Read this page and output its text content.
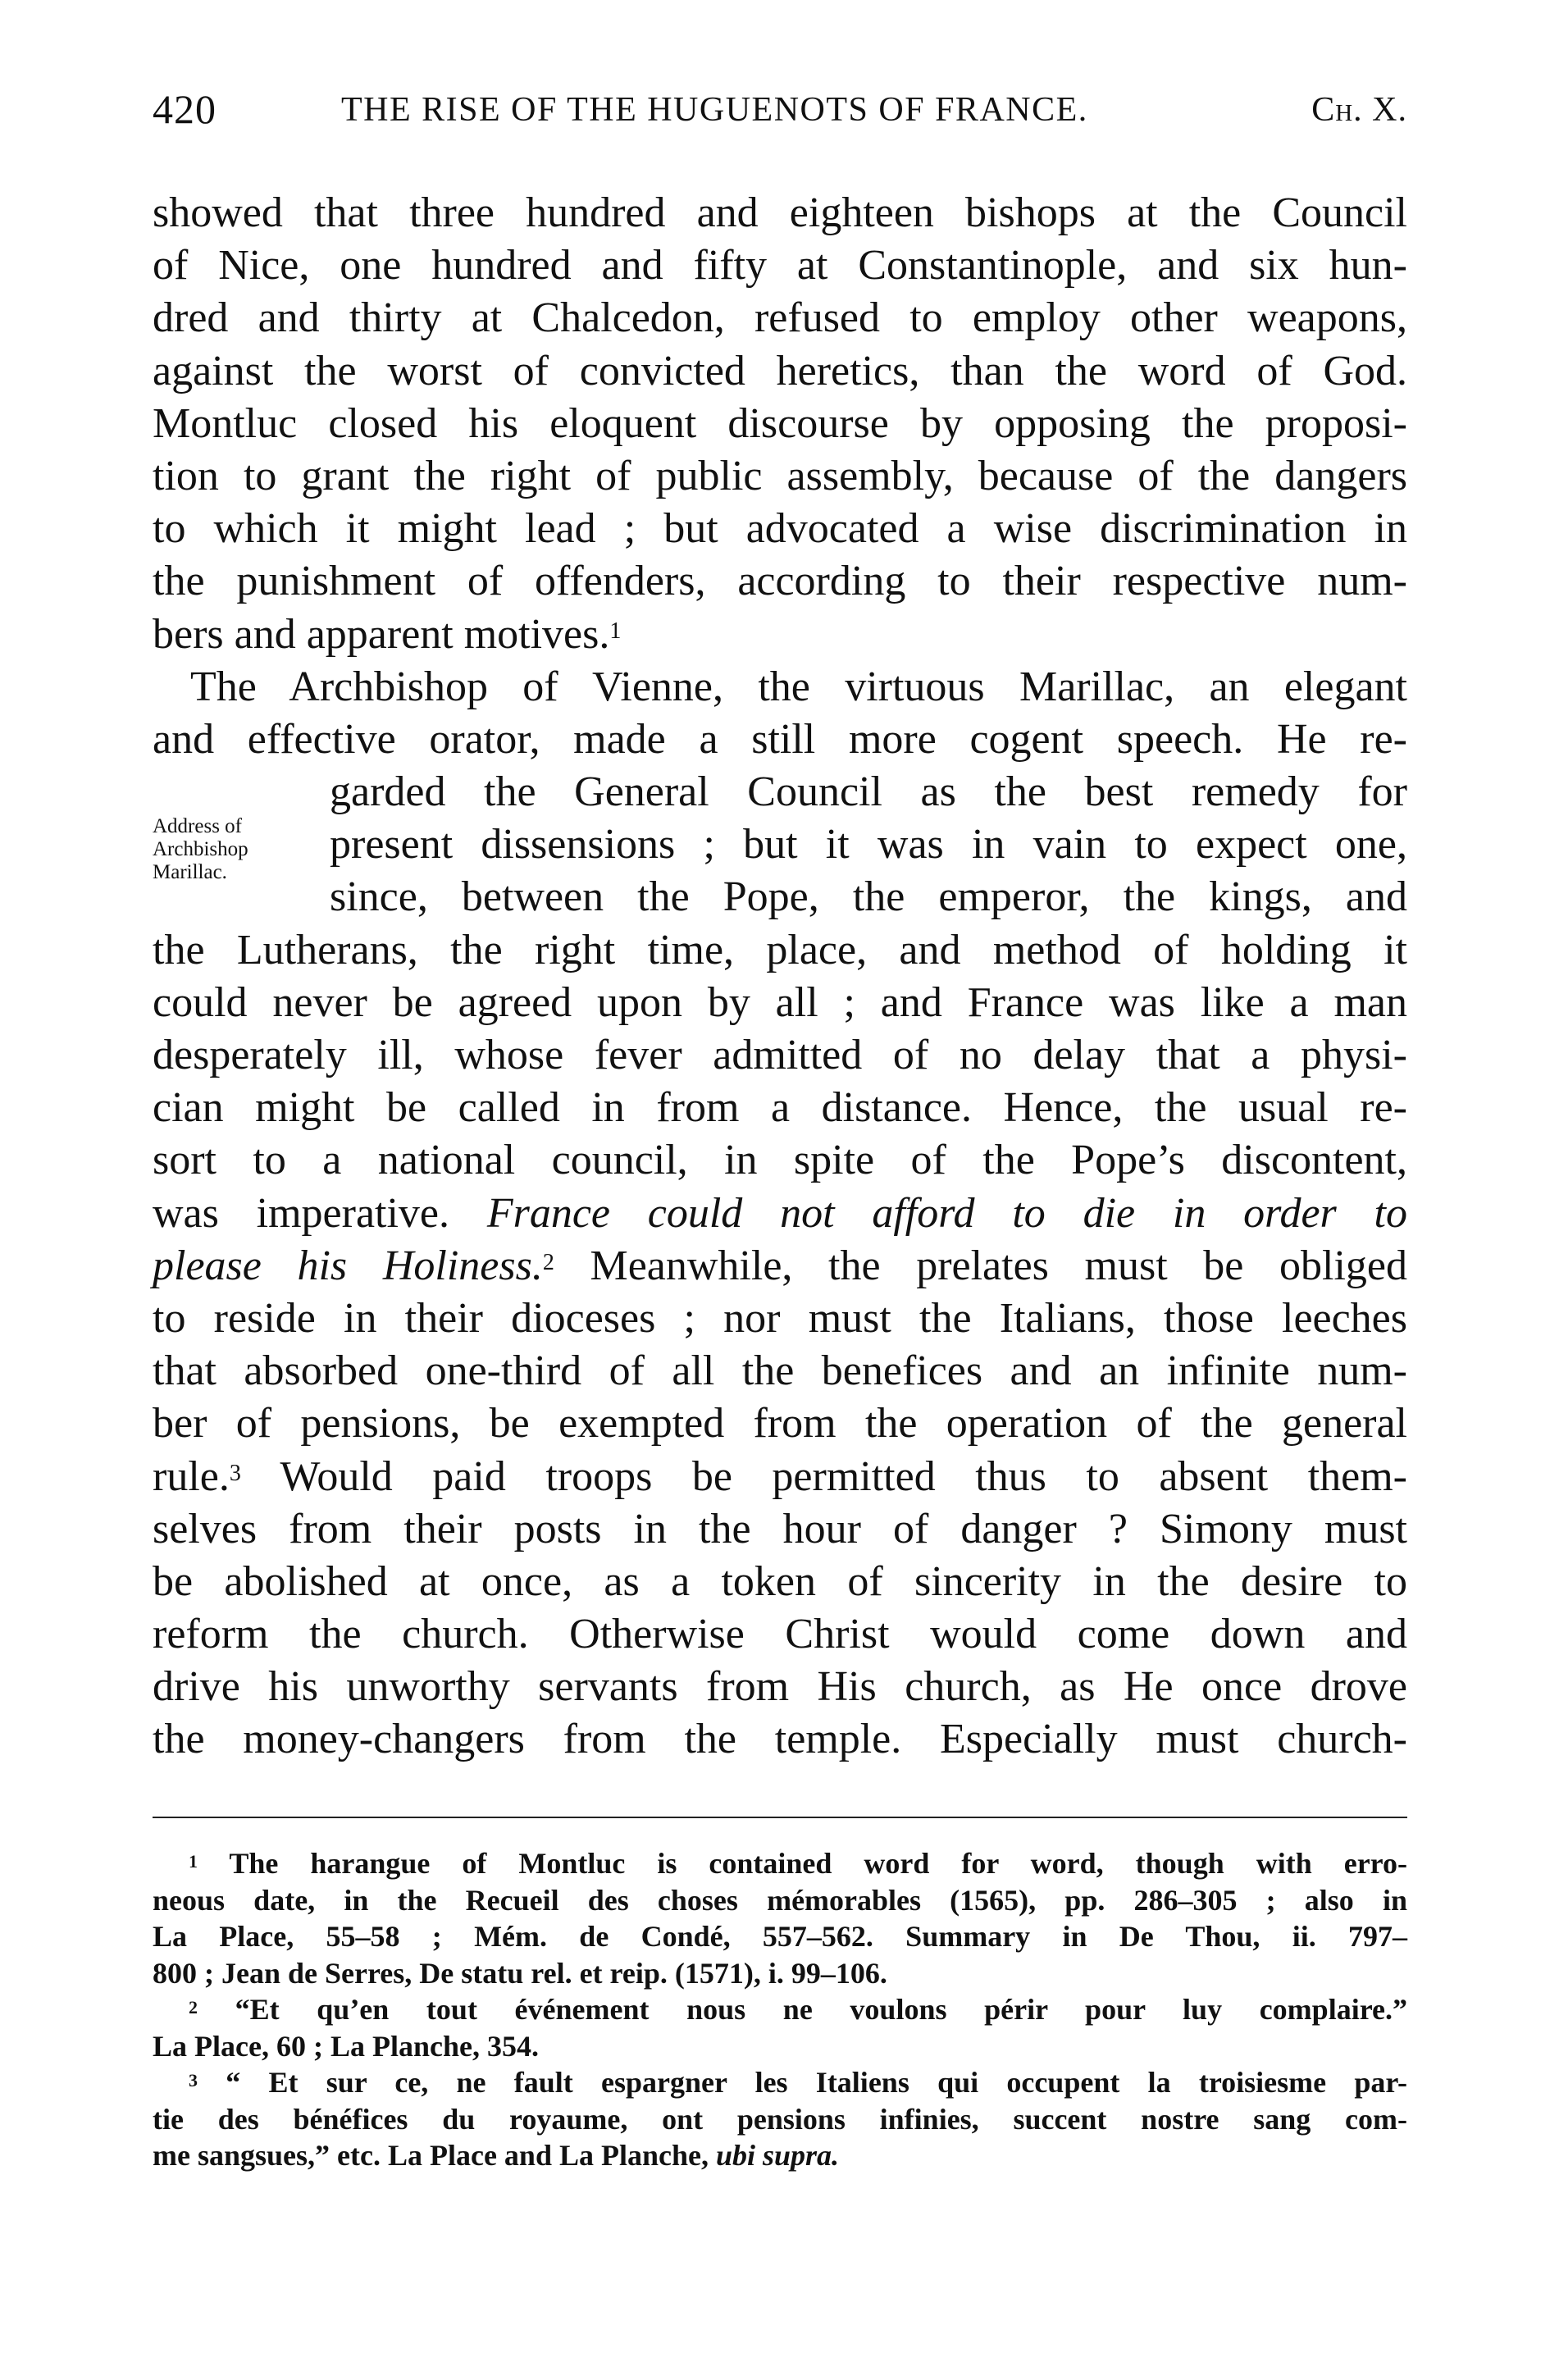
420	THE RISE OF THE HUGUENOTS OF FRANCE.	Ch. X.
Address of
Archbishop
Marillac.
showed that three hundred and eighteen bishops at the Council
of Nice, one hundred and fifty at Constantinople, and six hun-
dred and thirty at Chalcedon, refused to employ other weapons,
against the worst of convicted heretics, than the word of God.
Montluc closed his eloquent discourse by opposing the proposi-
tion to grant the right of public assembly, because of the dangers
to which it might lead ; but advocated a wise discrimination in
the punishment of offenders, according to their respective num-
bers and apparent motives.$^1$
The Archbishop of Vienne, the virtuous Marillac, an elegant
and effective orator, made a still more cogent speech. He re-
garded the General Council as the best remedy for
present dissensions ; but it was in vain to expect one,
since, between the Pope, the emperor, the kings, and
the Lutherans, the right time, place, and method of holding it
could never be agreed upon by all ; and France was like a man
desperately ill, whose fever admitted of no delay that a physi-
cian might be called in from a distance. Hence, the usual re-
sort to a national council, in spite of the Pope’s discontent,
was imperative. France could not afford to die in order to
please his Holiness.$^2$ Meanwhile, the prelates must be obliged
to reside in their dioceses ; nor must the Italians, those leeches
that absorbed one-third of all the benefices and an infinite num-
ber of pensions, be exempted from the operation of the general
rule.$^3$ Would paid troops be permitted thus to absent them-
selves from their posts in the hour of danger ? Simony must
be abolished at once, as a token of sincerity in the desire to
reform the church. Otherwise Christ would come down and
drive his unworthy servants from His church, as He once drove
the money-changers from the temple. Especially must church-
$^1$ The harangue of Montluc is contained word for word, though with erro-
neous date, in the Recueil des choses mémorables (1565), pp. 286–305 ; also in
La Place, 55–58 ; Mém. de Condé, 557–562. Summary in De Thou, ii. 797–
800 ; Jean de Serres, De statu rel. et reip. (1571), i. 99–106.
$^2$ “Et qu’en tout événement nous ne voulons périr pour luy complaire.”
La Place, 60 ; La Planche, 354.
$^3$ “ Et sur ce, ne fault espargner les Italiens qui occupent la troisiesme par-
tie des bénéfices du royaume, ont pensions infinies, succent nostre sang com-
me sangsues,” etc. La Place and La Planche, ubi supra.
